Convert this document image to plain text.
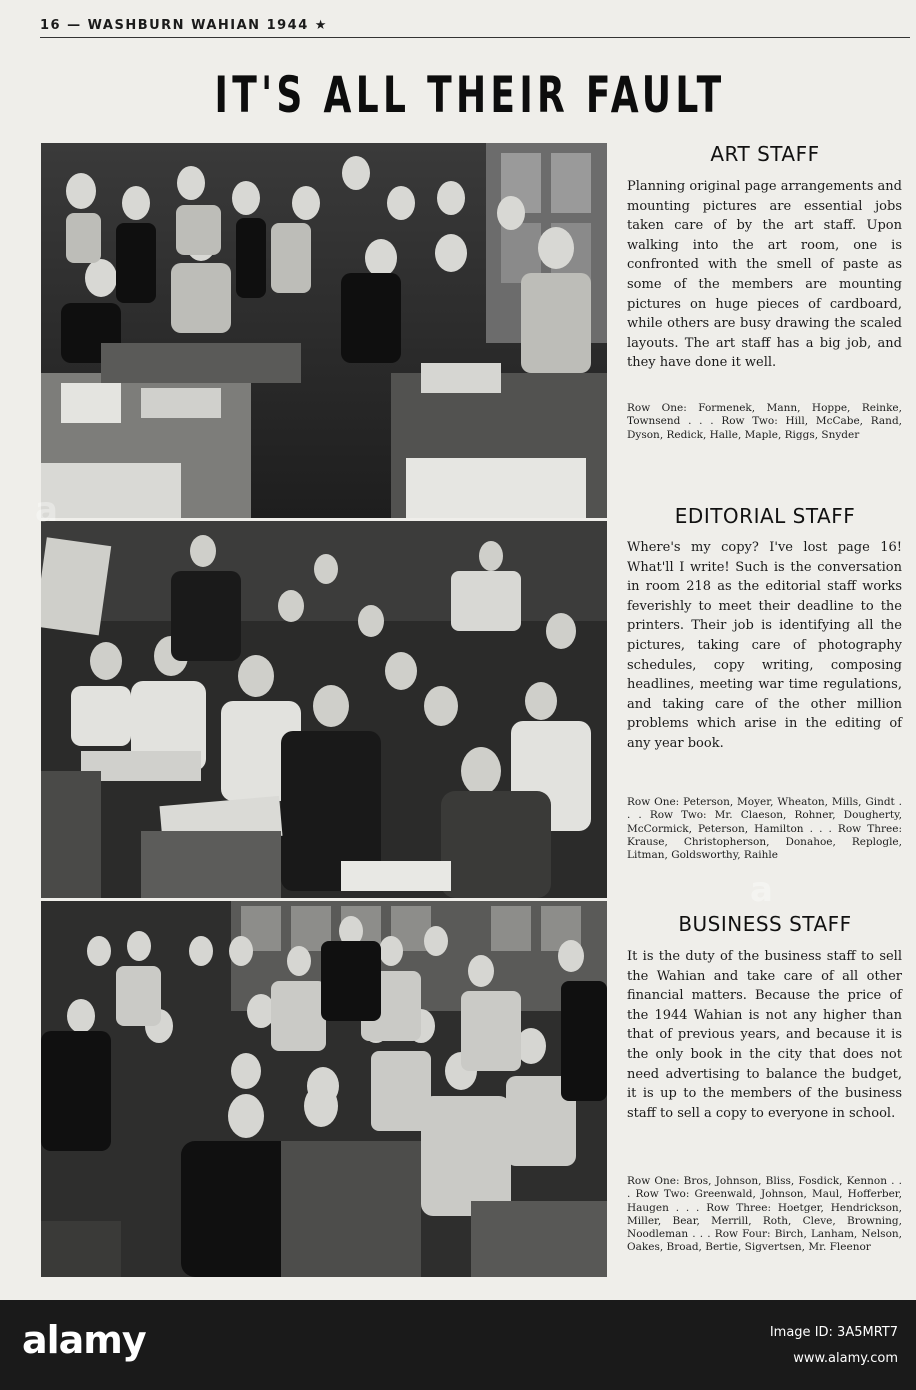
16 — WASHBURN WAHIAN 1944 ★
IT'S ALL THEIR FAULT
ART STAFF
Planning original page arrangements and mounting pictures are essential jobs taken care of by the art staff. Upon walking into the art room, one is confronted with the smell of paste as some of the members are mounting pictures on huge pieces of cardboard, while others are busy drawing the scaled layouts. The art staff has a big job, and they have done it well.
Row One: Formenek, Mann, Hoppe, Reinke, Townsend . . . Row Two: Hill, McCabe, Rand, Dyson, Redick, Halle, Maple, Riggs, Snyder
EDITORIAL STAFF
Where's my copy? I've lost page 16! What'll I write! Such is the conversation in room 218 as the editorial staff works feverishly to meet their deadline to the printers. Their job is identifying all the pictures, taking care of photography schedules, copy writing, composing headlines, meeting war time regulations, and taking care of the other million problems which arise in the editing of any year book.
Row One: Peterson, Moyer, Wheaton, Mills, Gindt . . . Row Two: Mr. Claeson, Rohner, Dougherty, McCormick, Peterson, Hamilton . . . Row Three: Krause, Christopherson, Donahoe, Replogle, Litman, Goldsworthy, Raihle
BUSINESS STAFF
It is the duty of the business staff to sell the Wahian and take care of all other financial matters. Because the price of the 1944 Wahian is not any higher than that of previous years, and because it is the only book in the city that does not need advertising to balance the budget, it is up to the members of the business staff to sell a copy to everyone in school.
Row One: Bros, Johnson, Bliss, Fosdick, Kennon . . . Row Two: Greenwald, Johnson, Maul, Hofferber, Haugen . . . Row Three: Hoetger, Hendrickson, Miller, Bear, Merrill, Roth, Cleve, Browning, Noodleman . . . Row Four: Birch, Lanham, Nelson, Oakes, Broad, Bertie, Sigvertsen, Mr. Fleenor
a
a
alamy	Image ID: 3A5MRT7
www.alamy.com
